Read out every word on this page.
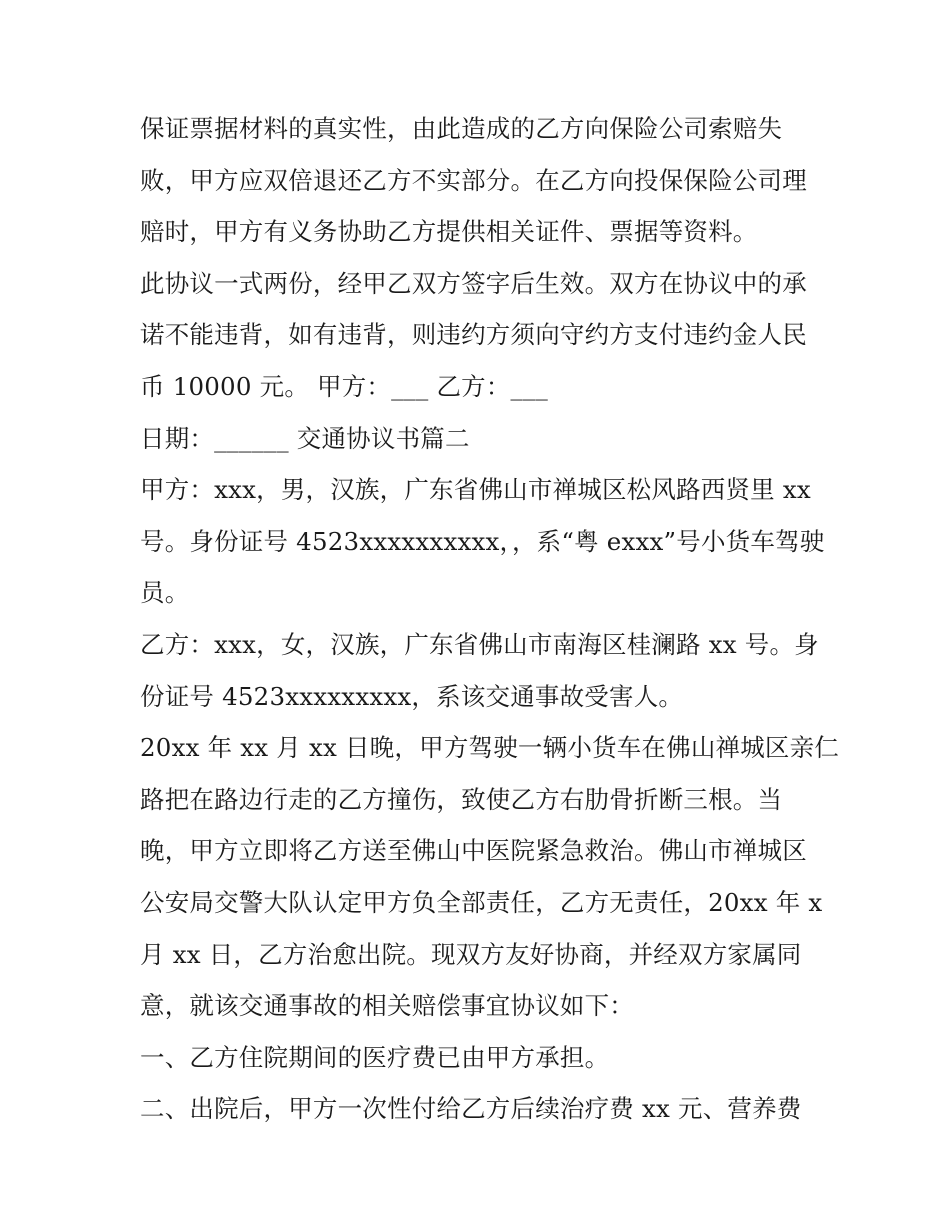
保证票据材料的真实性，由此造成的乙方向保险公司索赔失
败，甲方应双倍退还乙方不实部分。在乙方向投保保险公司理
赔时，甲方有义务协助乙方提供相关证件、票据等资料。
此协议一式两份，经甲乙双方签字后生效。双方在协议中的承
诺不能违背，如有违背，则违约方须向守约方支付违约金人民
币 10000 元。 甲方：___ 乙方：___
日期：______ 交通协议书篇二
甲方：xxx，男，汉族，广东省佛山市禅城区松风路西贤里 xx
号。身份证号 4523xxxxxxxxxx，，系“粤 exxx”号小货车驾驶
员。
乙方：xxx，女，汉族，广东省佛山市南海区桂澜路 xx 号。身
份证号 4523xxxxxxxxx，系该交通事故受害人。
20xx 年 xx 月 xx 日晚，甲方驾驶一辆小货车在佛山禅城区亲仁
路把在路边行走的乙方撞伤，致使乙方右肋骨折断三根。当
晚，甲方立即将乙方送至佛山中医院紧急救治。佛山市禅城区
公安局交警大队认定甲方负全部责任，乙方无责任，20xx 年 x
月 xx 日，乙方治愈出院。现双方友好协商，并经双方家属同
意，就该交通事故的相关赔偿事宜协议如下：
一、乙方住院期间的医疗费已由甲方承担。
二、出院后，甲方一次性付给乙方后续治疗费 xx 元、营养费
